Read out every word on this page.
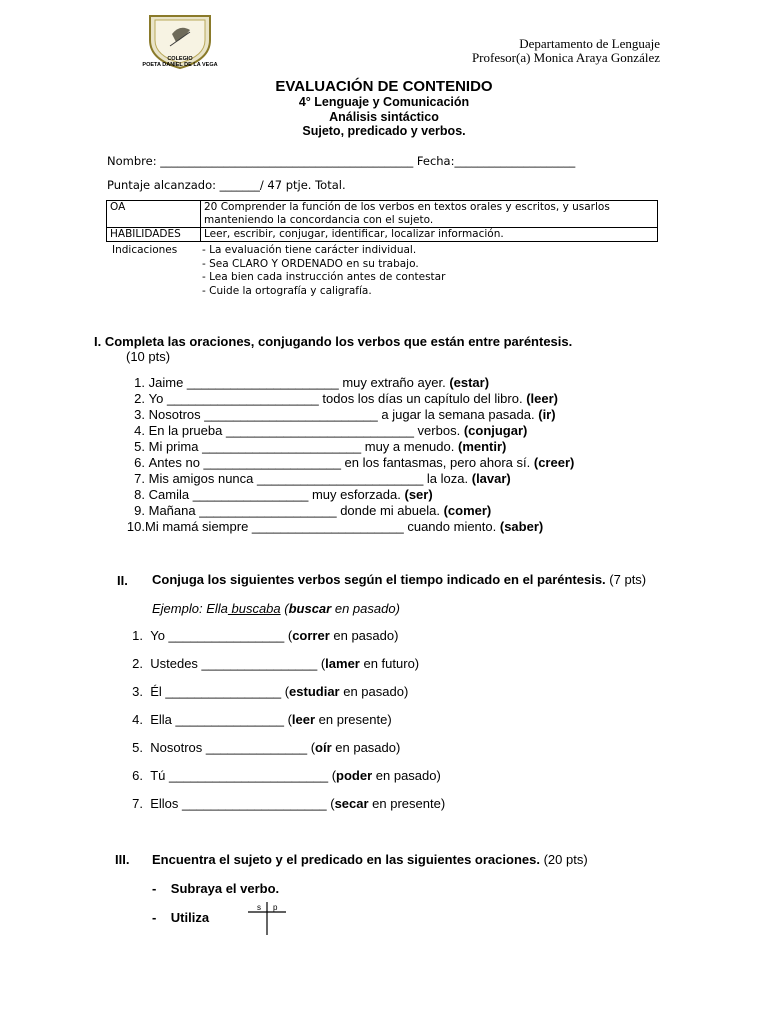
COLEGIO
POETA DANIEL DE LA VEGA
Departamento de Lenguaje
Profesor(a) Monica Araya González
EVALUACIÓN DE CONTENIDO
4° Lenguaje y Comunicación
Análisis sintáctico
Sujeto, predicado y verbos.
Nombre: ____________________________________________ Fecha:_____________________
Puntaje alcanzado: _______/ 47 ptje. Total.
OA	20 Comprender la función de los verbos en textos orales y escritos, y usarlos manteniendo la concordancia con el sujeto.
HABILIDADES	Leer, escribir, conjugar, identificar, localizar información.
Indicaciones - La evaluación tiene carácter individual.
- Sea CLARO Y ORDENADO en su trabajo.
- Lea bien cada instrucción antes de contestar
- Cuide la ortografía y caligrafía.
I. Completa las oraciones, conjugando los verbos que están entre paréntesis.
(10 pts)
1. Jaime _____________________ muy extraño ayer. (estar)
2. Yo _____________________ todos los días un capítulo del libro. (leer)
3. Nosotros ________________________ a jugar la semana pasada. (ir)
4. En la prueba __________________________ verbos. (conjugar)
5. Mi prima ______________________ muy a menudo. (mentir)
6. Antes no ___________________ en los fantasmas, pero ahora sí. (creer)
7. Mis amigos nunca _______________________ la loza. (lavar)
8. Camila ________________ muy esforzada. (ser)
9. Mañana ___________________ donde mi abuela. (comer)
10. Mi mamá siempre _____________________ cuando miento. (saber)
II. Conjuga los siguientes verbos según el tiempo indicado en el paréntesis. (7 pts)
Ejemplo: Ella buscaba (buscar en pasado)
1. Yo ________________ (correr en pasado)
2. Ustedes ________________ (lamer en futuro)
3. Él ________________ (estudiar en pasado)
4. Ella _______________ (leer en presente)
5. Nosotros ______________ (oír en pasado)
6. Tú ______________________ (poder en pasado)
7. Ellos ____________________ (secar en presente)
III. Encuentra el sujeto y el predicado en las siguientes oraciones. (20 pts)
-    Subraya el verbo.
-    Utiliza
s p
